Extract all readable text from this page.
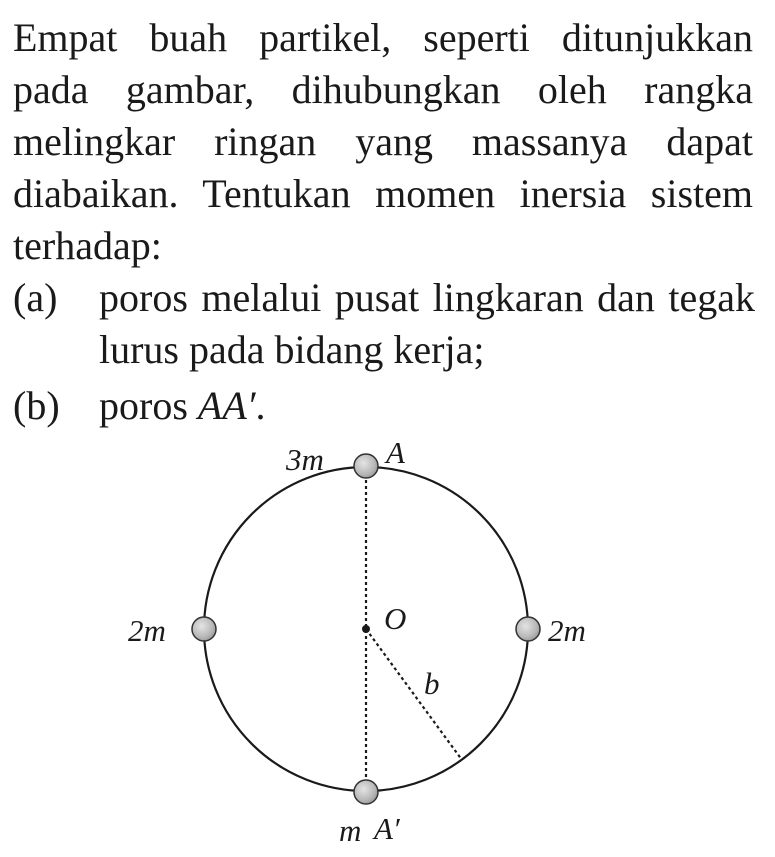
Empat buah partikel, seperti ditunjukkan
pada gambar, dihubungkan oleh rangka
melingkar ringan yang massanya dapat
diabaikan. Tentukan momen inersia sistem
terhadap:

(a) poros melalui pusat lingkaran dan tegak
lurus pada bidang kerja;
(b) poros AA′.
3m A
2m	2m
O
b
m A′
